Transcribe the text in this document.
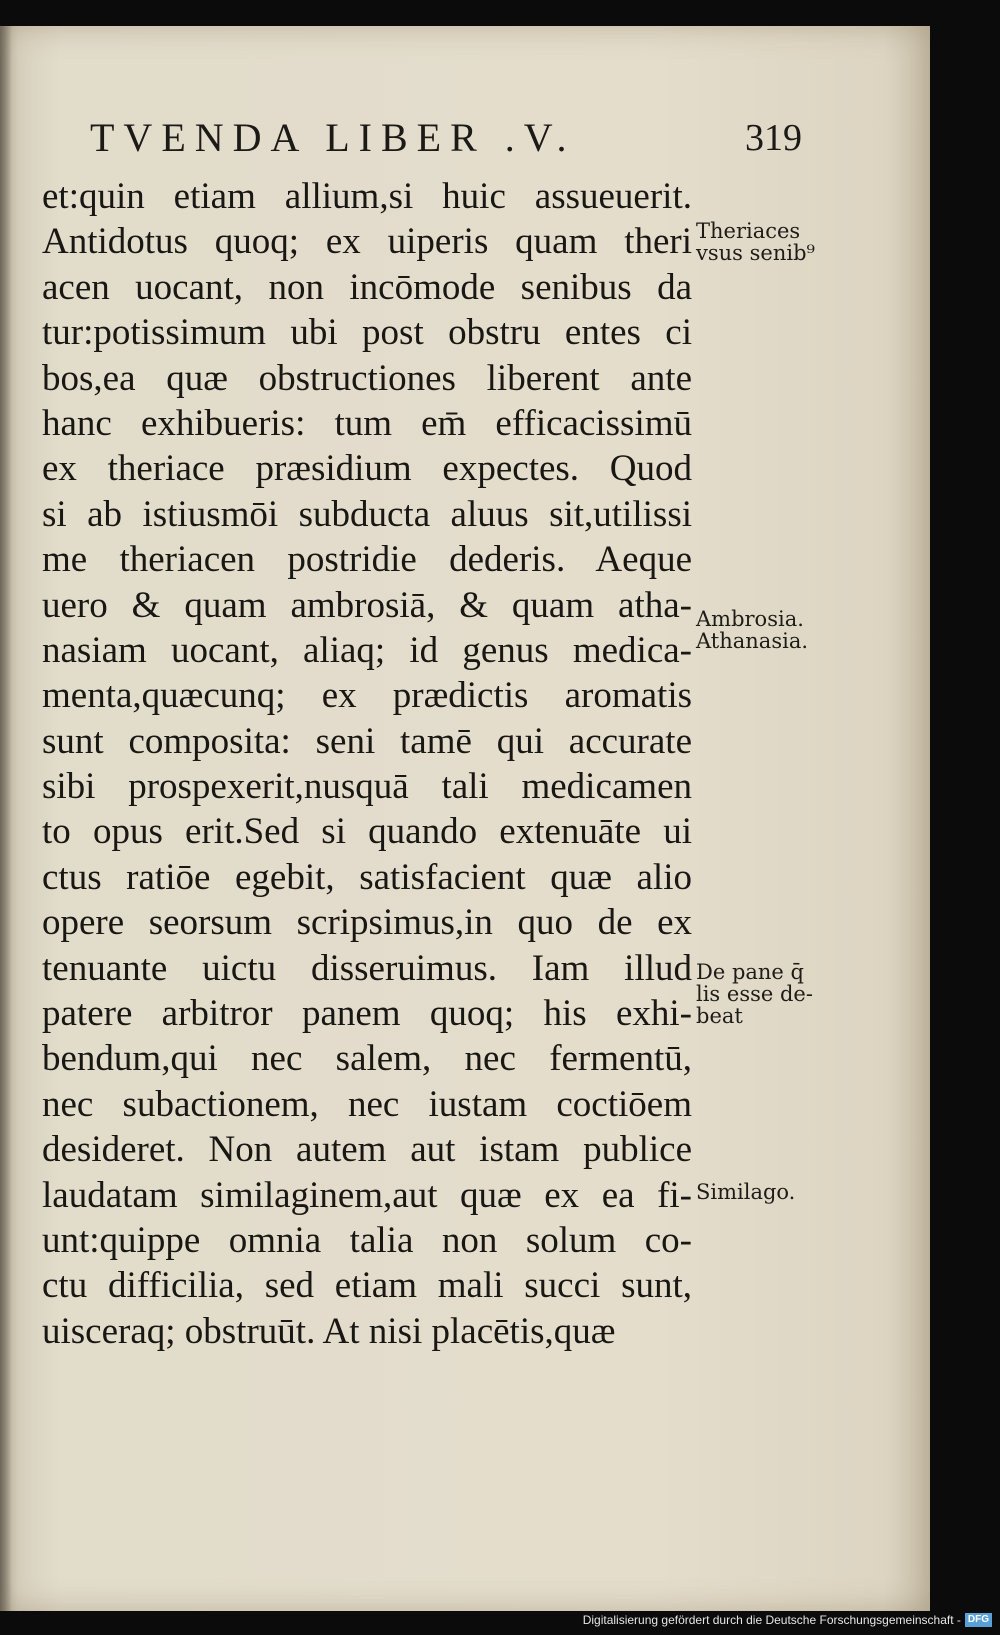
TVENDA LIBER .V.	319
et:quin etiam allium,si huic assueuerit.
Antidotus quoq; ex uiperis quam theri
acen uocant, non incōmode senibus da
tur:potissimum ubi post obstru entes ci
bos,ea quæ obstructiones liberent ante
hanc exhibueris: tum em̄ efficacissimū
ex theriace præsidium expectes. Quod
si ab istiusmōi subducta aluus sit,utilissi
me theriacen postridie dederis. Aeque
uero & quam ambrosiā, & quam atha-
nasiam uocant, aliaq; id genus medica-
menta,quæcunq; ex prædictis aromatis
sunt composita: seni tamē qui accurate
sibi prospexerit,nusquā tali medicamen
to opus erit.Sed si quando extenuāte ui
ctus ratiōe egebit, satisfacient quæ alio
opere seorsum scripsimus,in quo de ex
tenuante uictu disseruimus. Iam illud
patere arbitror panem quoq; his exhi-
bendum,qui nec salem, nec fermentū,
nec subactionem, nec iustam coctiōem
desideret. Non autem aut istam publice
laudatam similaginem,aut quæ ex ea fi-
unt:quippe omnia talia non solum co-
ctu difficilia, sed etiam mali succi sunt,
uisceraq; obstruūt. At nisi placētis,quæ
Theriaces
vsus senib⁹
Ambrosia.
Athanasia.
De pane q̄
lis esse de-
beat
Similago.
Digitalisierung gefördert durch die Deutsche Forschungsgemeinschaft - DFG
